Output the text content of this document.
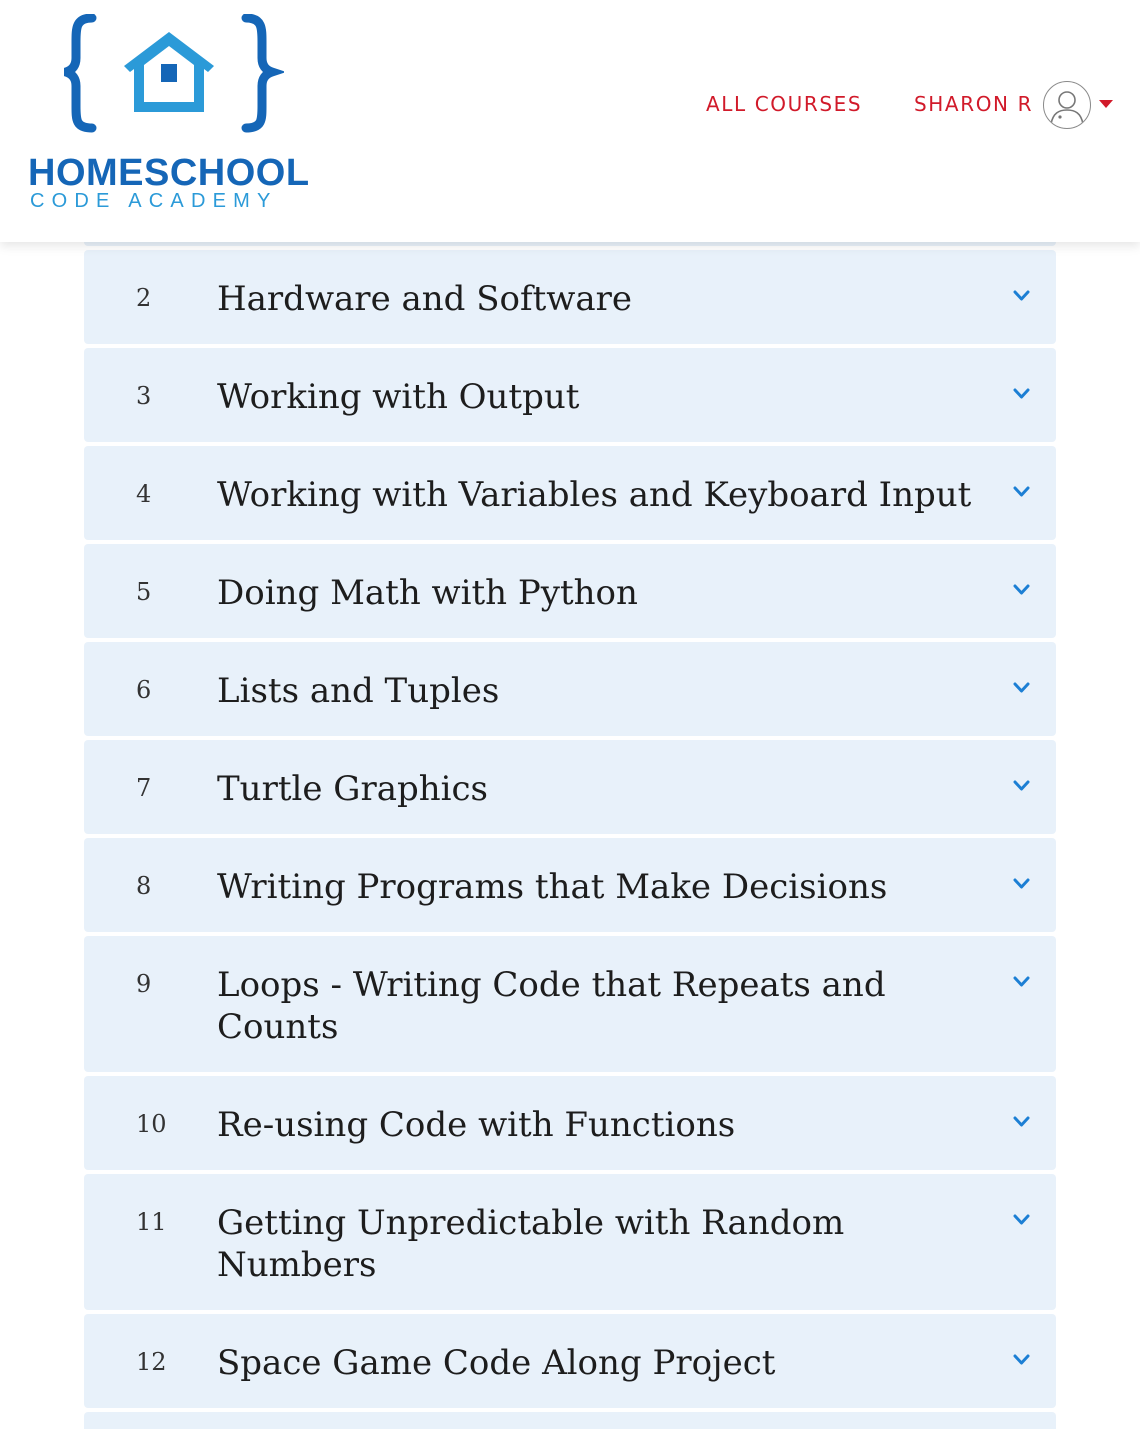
HOMESCHOOL
CODE ACADEMY
ALL COURSES	SHARON R
2 Hardware and Software
3 Working with Output
4 Working with Variables and Keyboard Input
5 Doing Math with Python
6 Lists and Tuples
7 Turtle Graphics
8 Writing Programs that Make Decisions
9 Loops - Writing Code that Repeats and Counts
10 Re-using Code with Functions
11 Getting Unpredictable with Random Numbers
12 Space Game Code Along Project
